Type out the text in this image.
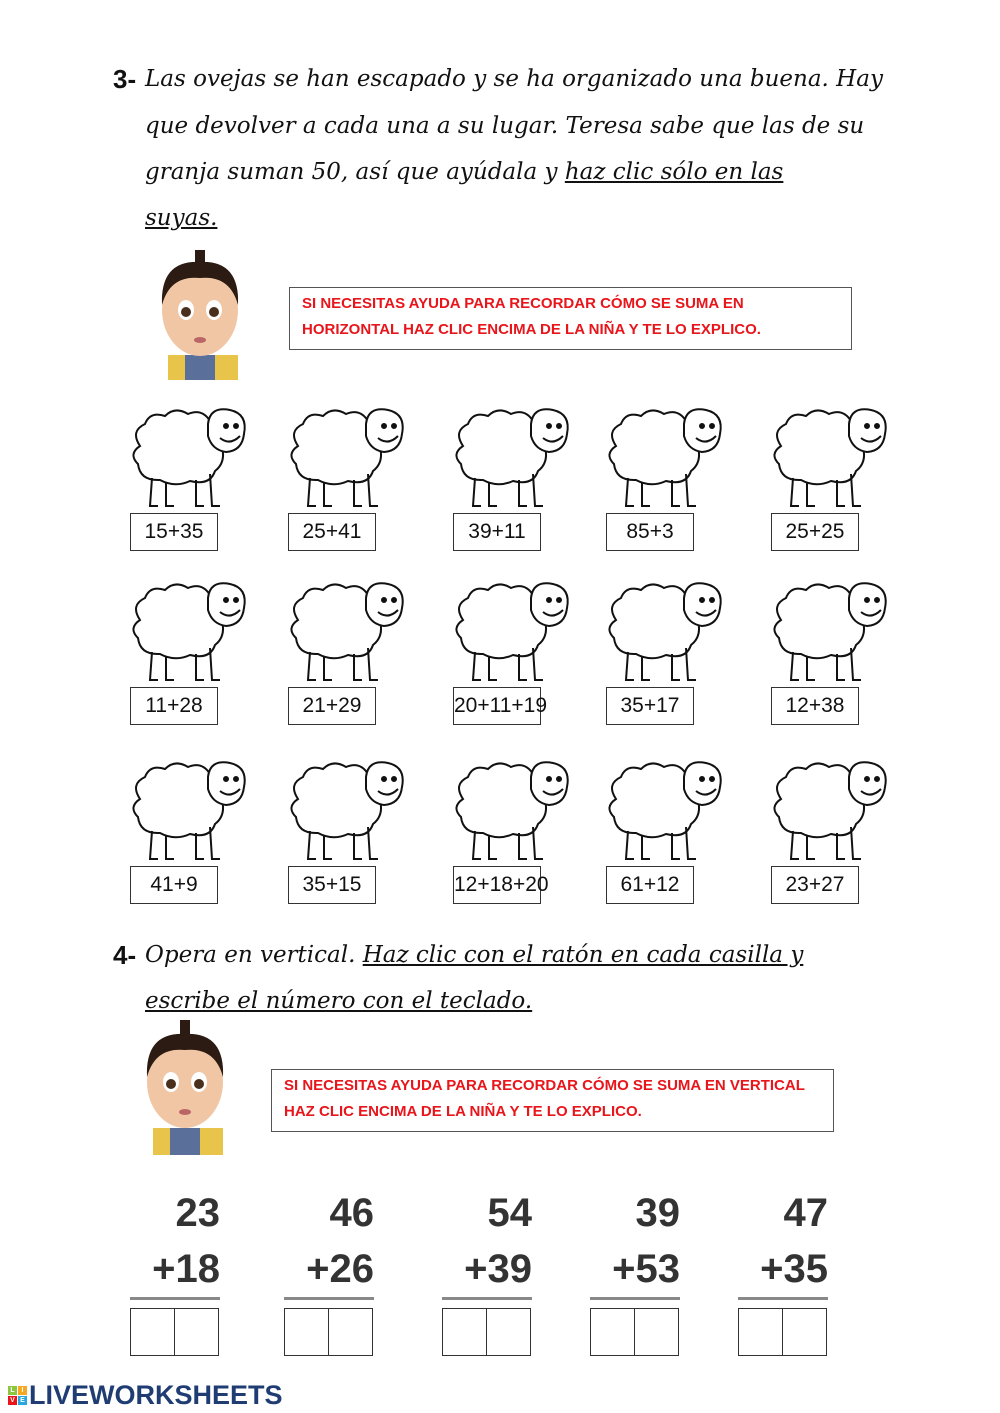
3- Las ovejas se han escapado y se ha organizado una buena. Hay
que devolver a cada una a su lugar. Teresa sabe que las de su
granja suman 50, así que ayúdala y haz clic sólo en las
suyas.
SI NECESITAS AYUDA PARA RECORDAR CÓMO SE SUMA EN HORIZONTAL HAZ CLIC ENCIMA DE LA NIÑA Y TE LO EXPLICO.
15+35	25+41	39+11	85+3	25+25
11+28	21+29	20+11+19	35+17	12+38
41+9	35+15	12+18+20	61+12	23+27
4- Opera en vertical. Haz clic con el ratón en cada casilla y
escribe el número con el teclado.
SI NECESITAS AYUDA PARA RECORDAR CÓMO SE SUMA EN VERTICAL HAZ CLIC ENCIMA DE LA NIÑA Y TE LO EXPLICO.
23
+18
46
+26
54
+39
39
+53
47
+35
L I
V E LIVEWORKSHEETS
